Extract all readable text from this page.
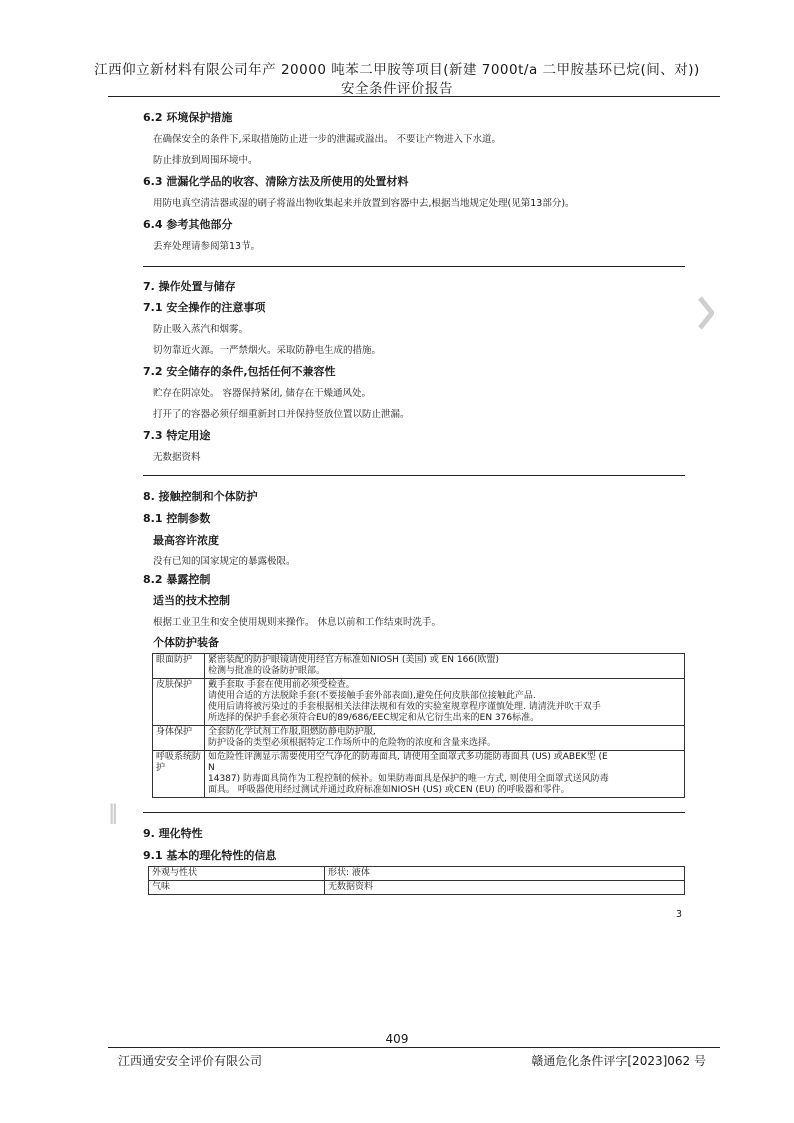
江西仰立新材料有限公司年产 20000 吨苯二甲胺等项目(新建 7000t/a 二甲胺基环已烷(间、对))
安全条件评价报告
‖
6.2 环境保护措施
在确保安全的条件下,采取措施防止进一步的泄漏或溢出。 不要让产物进入下水道。
防止排放到周围环境中。
6.3 泄漏化学品的收容、清除方法及所使用的处置材料
用防电真空清洁器或湿的刷子将溢出物收集起来并放置到容器中去,根据当地规定处理(见第13部分)。
6.4 参考其他部分
丢弃处理请参阅第13节。
7. 操作处置与储存
7.1 安全操作的注意事项
防止吸入蒸汽和烟雾。
切勿靠近火源。一严禁烟火。采取防静电生成的措施。
7.2 安全储存的条件,包括任何不兼容性
贮存在阴凉处。 容器保持紧闭, 储存在干燥通风处。
打开了的容器必须仔细重新封口并保持竖放位置以防止泄漏。
7.3 特定用途
无数据资料
8. 接触控制和个体防护
8.1 控制参数
最高容许浓度
没有已知的国家规定的暴露极限。
8.2 暴露控制
适当的技术控制
根据工业卫生和安全使用规则来操作。 休息以前和工作结束时洗手。
个体防护装备
眼面防护	紧密装配的防护眼镜请使用经官方标准如NIOSH (美国) 或 EN 166(欧盟)
检测与批准的设备防护眼部。

皮肤保护	戴手套取 手套在使用前必须受检查。
请使用合适的方法脱除手套(不要接触手套外部表面),避免任何皮肤部位接触此产品.
使用后请将被污染过的手套根据相关法律法规和有效的实验室规章程序谨慎处理. 请清洗并吹干双手
所选择的保护手套必须符合EU的89/686/EEC规定和从它衍生出来的EN 376标准。

身体保护	全套防化学试剂工作服,阻燃防静电防护服,
防护设备的类型必须根据特定工作场所中的危险物的浓度和含量来选择。

呼吸系统防护	如危险性评测显示需要使用空气净化的防毒面具, 请使用全面罩式多功能防毒面具 (US) 或ABEK型 (E
N
14387) 防毒面具筒作为工程控制的候补。如果防毒面具是保护的唯一方式, 则使用全面罩式送风防毒
面具。 呼吸器使用经过测试并通过政府标准如NIOSH (US) 或CEN (EU) 的呼吸器和零件。
9. 理化特性
9.1 基本的理化特性的信息
外观与性状	形状: 液体
气味	无数据资料
3
409
江西通安安全评价有限公司	赣通危化条件评字[2023]062 号
